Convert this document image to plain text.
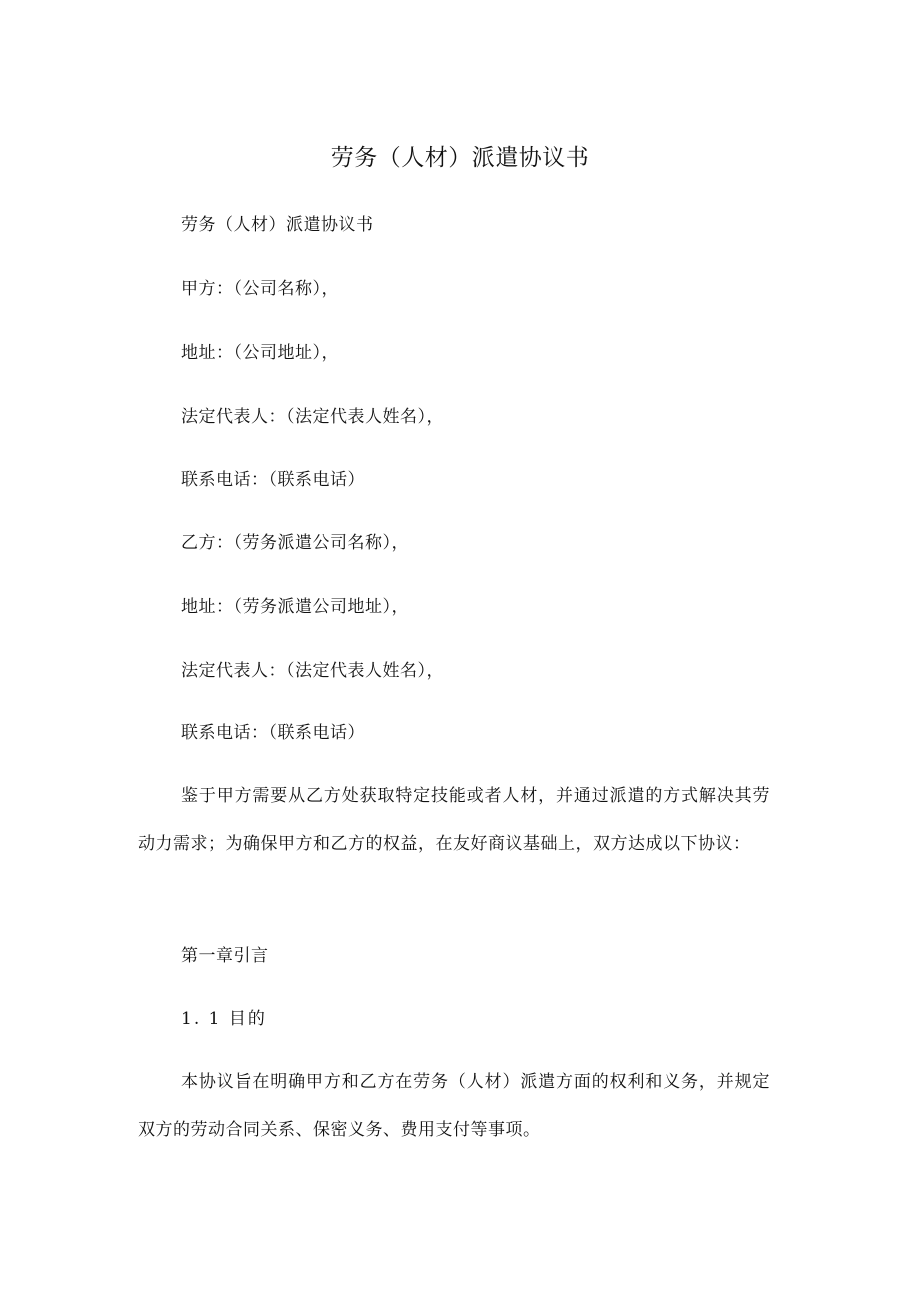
劳务（人材）派遣协议书
劳务（人材）派遣协议书
甲方：（公司名称），
地址：（公司地址），
法定代表人：（法定代表人姓名），
联系电话：（联系电话）
乙方：（劳务派遣公司名称），
地址：（劳务派遣公司地址），
法定代表人：（法定代表人姓名），
联系电话：（联系电话）
鉴于甲方需要从乙方处获取特定技能或者人材，并通过派遣的方式解决其劳动力需求；为确保甲方和乙方的权益，在友好商议基础上，双方达成以下协议：
第一章引言
1. 1 目的
本协议旨在明确甲方和乙方在劳务（人材）派遣方面的权利和义务，并规定双方的劳动合同关系、保密义务、费用支付等事项。
